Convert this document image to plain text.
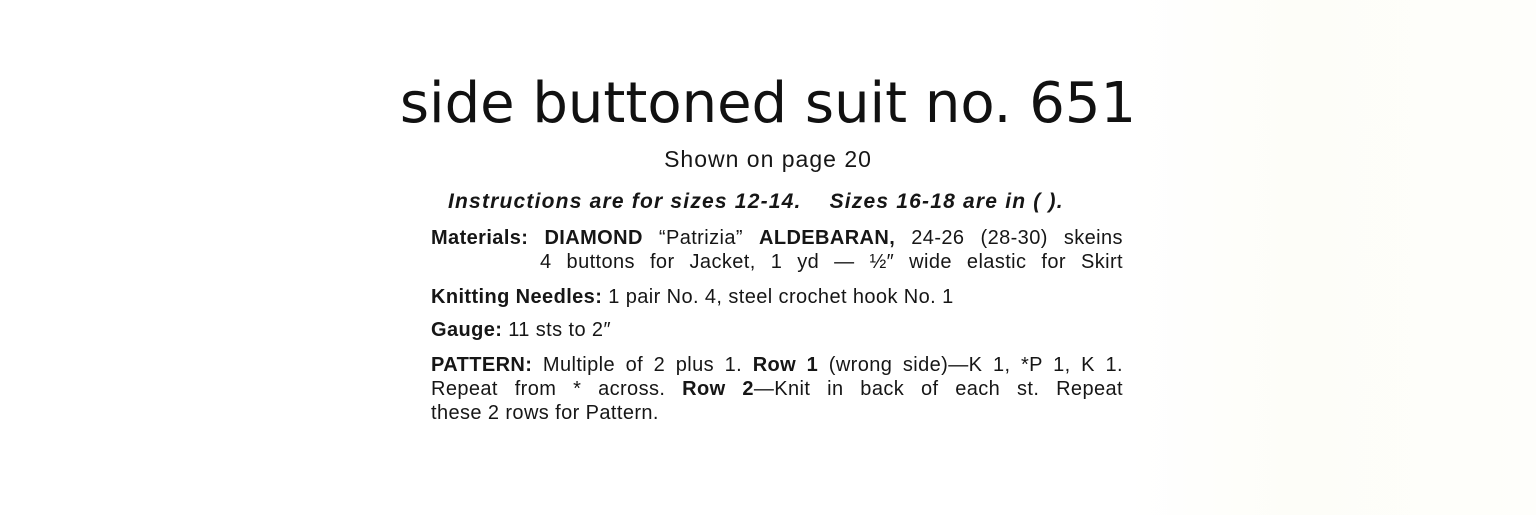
side buttoned suit no. 651
Shown on page 20
Instructions are for sizes 12-14. Sizes 16-18 are in ( ).
Materials: DIAMOND “Patrizia” ALDEBARAN, 24-26 (28-30) skeins
4 buttons for Jacket, 1 yd — ½″ wide elastic for Skirt
Knitting Needles: 1 pair No. 4, steel crochet hook No. 1
Gauge: 11 sts to 2″
PATTERN: Multiple of 2 plus 1. Row 1 (wrong side)—K 1, *P 1, K 1.
Repeat from * across. Row 2—Knit in back of each st. Repeat
these 2 rows for Pattern.
